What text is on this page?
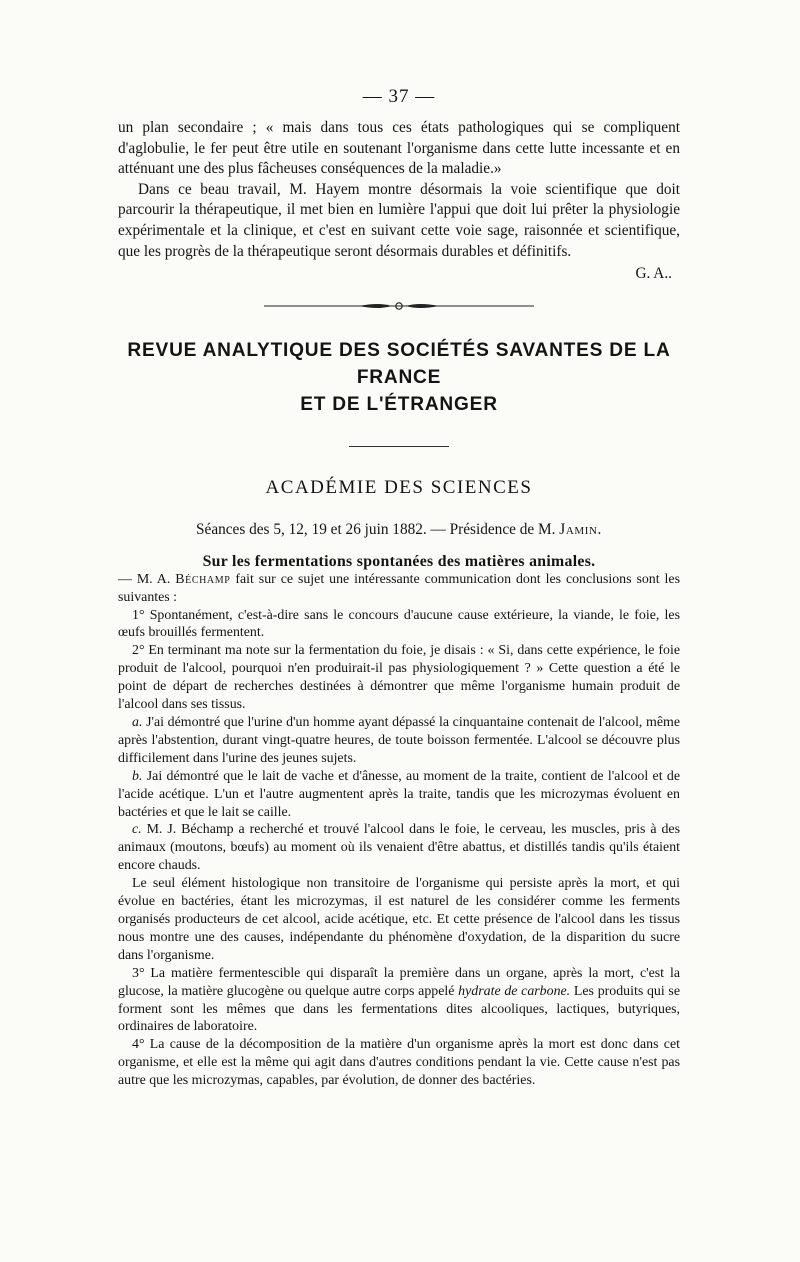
— 37 —

un plan secondaire ; « mais dans tous ces états pathologiques qui se compliquent d'aglobulie, le fer peut être utile en soutenant l'organisme dans cette lutte incessante et en atténuant une des plus fâcheuses conséquences de la maladie.»

Dans ce beau travail, M. Hayem montre désormais la voie scientifique que doit parcourir la thérapeutique, il met bien en lumière l'appui que doit lui prêter la physiologie expérimentale et la clinique, et c'est en suivant cette voie sage, raisonnée et scientifique, que les progrès de la thérapeutique seront désormais durables et définitifs.

G. A..
REVUE ANALYTIQUE DES SOCIÉTÉS SAVANTES DE LA FRANCE
ET DE L'ÉTRANGER
ACADÉMIE DES SCIENCES
Séances des 5, 12, 19 et 26 juin 1882. — Présidence de M. Jamin.
Sur les fermentations spontanées des matières animales.

— M. A. Béchamp fait sur ce sujet une intéressante communication dont les conclusions sont les suivantes :

1° Spontanément, c'est-à-dire sans le concours d'aucune cause extérieure, la viande, le foie, les œufs brouillés fermentent.

2° En terminant ma note sur la fermentation du foie, je disais : « Si, dans cette expérience, le foie produit de l'alcool, pourquoi n'en produirait-il pas physiologiquement ? » Cette question a été le point de départ de recherches destinées à démontrer que même l'organisme humain produit de l'alcool dans ses tissus.

a. J'ai démontré que l'urine d'un homme ayant dépassé la cinquantaine contenait de l'alcool, même après l'abstention, durant vingt-quatre heures, de toute boisson fermentée. L'alcool se découvre plus difficilement dans l'urine des jeunes sujets.

b. Jai démontré que le lait de vache et d'ânesse, au moment de la traite, contient de l'alcool et de l'acide acétique. L'un et l'autre augmentent après la traite, tandis que les microzymas évoluent en bactéries et que le lait se caille.

c. M. J. Béchamp a recherché et trouvé l'alcool dans le foie, le cerveau, les muscles, pris à des animaux (moutons, bœufs) au moment où ils venaient d'être abattus, et distillés tandis qu'ils étaient encore chauds.

Le seul élément histologique non transitoire de l'organisme qui persiste après la mort, et qui évolue en bactéries, étant les microzymas, il est naturel de les considérer comme les ferments organisés producteurs de cet alcool, acide acétique, etc. Et cette présence de l'alcool dans les tissus nous montre une des causes, indépendante du phénomène d'oxydation, de la disparition du sucre dans l'organisme.

3° La matière fermentescible qui disparaît la première dans un organe, après la mort, c'est la glucose, la matière glucogène ou quelque autre corps appelé hydrate de carbone. Les produits qui se forment sont les mêmes que dans les fermentations dites alcooliques, lactiques, butyriques, ordinaires de laboratoire.

4° La cause de la décomposition de la matière d'un organisme après la mort est donc dans cet organisme, et elle est la même qui agit dans d'autres conditions pendant la vie. Cette cause n'est pas autre que les microzymas, capables, par évolution, de donner des bactéries.
